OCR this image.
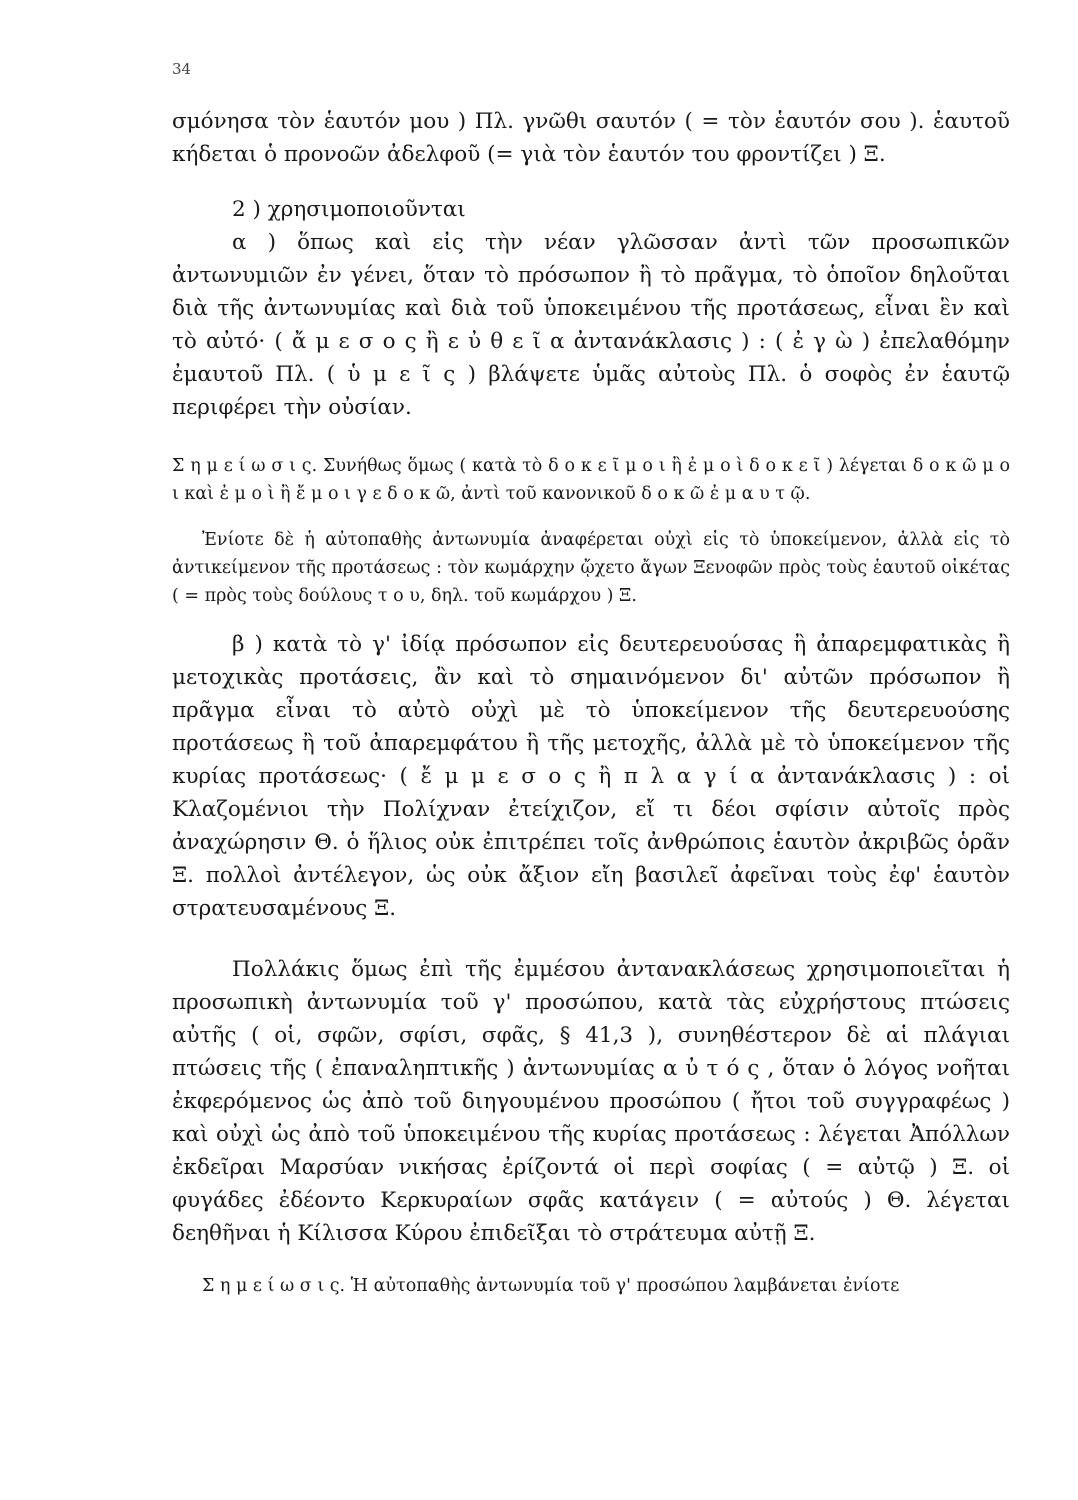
34

σμόνησα τὸν ἑαυτόν μου ) Πλ. γνῶθι σαυτόν ( = τὸν ἑαυτόν σου ). ἑαυτοῦ κήδεται ὁ προνοῶν ἀδελφοῦ (= γιὰ τὸν ἑαυτόν του φροντίζει ) Ξ.

2 ) χρησιμοποιοῦνται

α ) ὅπως καὶ εἰς τὴν νέαν γλῶσσαν ἀντὶ τῶν προσωπικῶν ἀντωνυμιῶν ἐν γένει, ὅταν τὸ πρόσωπον ἢ τὸ πρᾶγμα, τὸ ὁποῖον δηλοῦται διὰ τῆς ἀντωνυμίας καὶ διὰ τοῦ ὑποκειμένου τῆς προτάσεως, εἶναι ἓν καὶ τὸ αὐτό· ( ἄ μ ε σ ο ς ἢ ε ὐ θ ε ῖ α ἀντανάκλασις ) : ( ἐ γ ὼ ) ἐπελαθόμην ἐμαυτοῦ Πλ. ( ὑ μ ε ῖ ς ) βλάψετε ὑμᾶς αὐτοὺς Πλ. ὁ σοφὸς ἐν ἑαυτῷ περιφέρει τὴν οὐσίαν.

Σ η μ ε ί ω σ ι ς. Συνήθως ὅμως ( κατὰ τὸ δ ο κ ε ῖ μ ο ι ἢ ἐ μ ο ὶ δ ο κ ε ῖ ) λέγεται δ ο κ ῶ μ ο ι καὶ ἐ μ ο ὶ ἢ ἔ μ ο ι γ ε δ ο κ ῶ, ἀντὶ τοῦ κανονικοῦ δ ο κ ῶ ἐ μ α υ τ ῷ.

Ἐνίοτε δὲ ἡ αὐτοπαθὴς ἀντωνυμία ἀναφέρεται οὐχὶ εἰς τὸ ὑποκείμενον, ἀλλὰ εἰς τὸ ἀντικείμενον τῆς προτάσεως : τὸν κωμάρχην ᾤχετο ἄγων Ξενοφῶν πρὸς τοὺς ἑαυτοῦ οἰκέτας ( = πρὸς τοὺς δούλους τ ο υ, δηλ. τοῦ κωμάρχου ) Ξ.

β ) κατὰ τὸ γ' ἰδίᾳ πρόσωπον εἰς δευτερευούσας ἢ ἀπαρεμφατικὰς ἢ μετοχικὰς προτάσεις, ἂν καὶ τὸ σημαινόμενον δι' αὐτῶν πρόσωπον ἢ πρᾶγμα εἶναι τὸ αὐτὸ οὐχὶ μὲ τὸ ὑποκείμενον τῆς δευτερευούσης προτάσεως ἢ τοῦ ἀπαρεμφάτου ἢ τῆς μετοχῆς, ἀλλὰ μὲ τὸ ὑποκείμενον τῆς κυρίας προτάσεως· ( ἔ μ μ ε σ ο ς ἢ π λ α γ ί α ἀντανάκλασις ) : οἱ Κλαζομένιοι τὴν Πολίχναν ἐτείχιζον, εἴ τι δέοι σφίσιν αὐτοῖς πρὸς ἀναχώρησιν Θ. ὁ ἥλιος οὐκ ἐπιτρέπει τοῖς ἀνθρώποις ἑαυτὸν ἀκριβῶς ὁρᾶν Ξ. πολλοὶ ἀντέλεγον, ὡς οὐκ ἄξιον εἴη βασιλεῖ ἀφεῖναι τοὺς ἐφ' ἑαυτὸν στρατευσαμένους Ξ.

Πολλάκις ὅμως ἐπὶ τῆς ἐμμέσου ἀντανακλάσεως χρησιμοποιεῖται ἡ προσωπικὴ ἀντωνυμία τοῦ γ' προσώπου, κατὰ τὰς εὐχρήστους πτώσεις αὐτῆς ( οἱ, σφῶν, σφίσι, σφᾶς, § 41,3 ), συνηθέστερον δὲ αἱ πλάγιαι πτώσεις τῆς ( ἐπαναληπτικῆς ) ἀντωνυμίας α ὐ τ ό ς , ὅταν ὁ λόγος νοῆται ἐκφερόμενος ὡς ἀπὸ τοῦ διηγουμένου προσώπου ( ἤτοι τοῦ συγγραφέως ) καὶ οὐχὶ ὡς ἀπὸ τοῦ ὑποκειμένου τῆς κυρίας προτάσεως : λέγεται Ἀπόλλων ἐκδεῖραι Μαρσύαν νικήσας ἐρίζοντά οἱ περὶ σοφίας ( = αὐτῷ ) Ξ. οἱ φυγάδες ἐδέοντο Κερκυραίων σφᾶς κατάγειν ( = αὐτούς ) Θ. λέγεται δεηθῆναι ἡ Κίλισσα Κύρου ἐπιδεῖξαι τὸ στράτευμα αὐτῇ Ξ.

Σ η μ ε ί ω σ ι ς. Ἡ αὐτοπαθὴς ἀντωνυμία τοῦ γ' προσώπου λαμβάνεται ἐνίοτε
